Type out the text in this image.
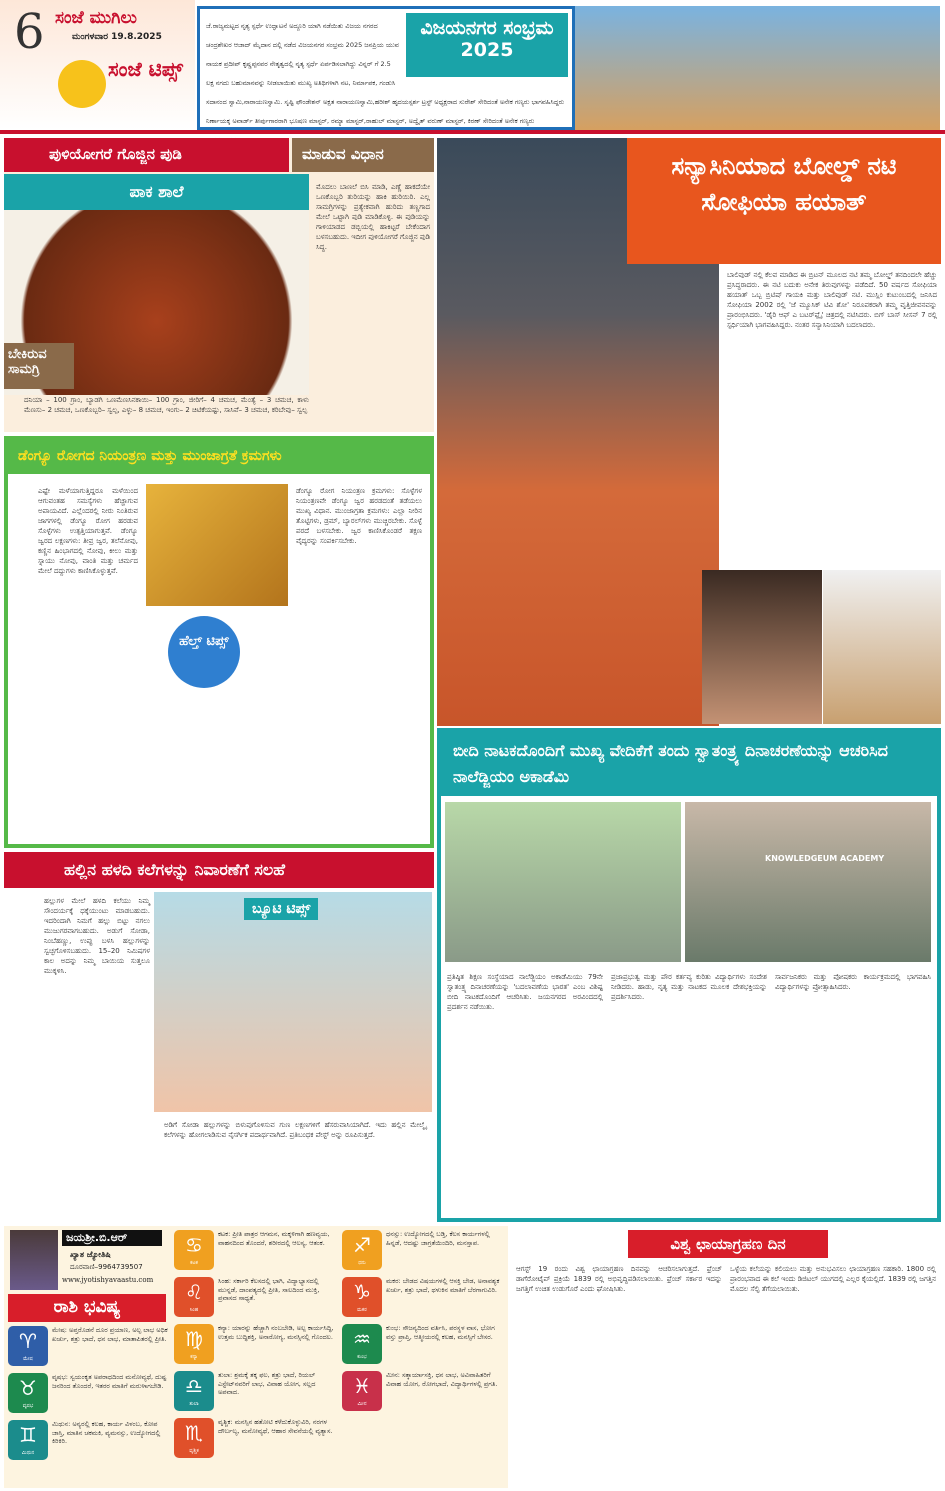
6 ಸಂಜೆ ಮುಗಿಲು
ಮಂಗಳವಾರ 19.8.2025
ಸಂಜೆ ಟಿಪ್ಸ್
ವಿಜಯನಗರ ಸಂಭ್ರಮ 2025
ಜೆ.ರಾಜ್ಯಮಟ್ಟದ ನೃತ್ಯ ಸ್ಪರ್ಧೆ ಉದ್ಘಾಟನೆ ಅದ್ದೂರಿ ಯಾಗಿ ನಡೆಯಿತು ವಿಜಯ ನಗರದ ಚಂದ್ರಶೇಖರ ಆಜಾದ್ ಮೈದಾನ ದಲ್ಲಿ ನಡೆದ ವಿಜಯನಗರ ಸಂಭ್ರಮ 2025 ಜನಪ್ರಿಯ ಯುವ ನಾಯಕ ಪ್ರದೀಪ್ ಕೃಷ್ಣಪ್ಪನವರ ನೇತೃತ್ವದಲ್ಲಿ ನೃತ್ಯ ಸ್ಪರ್ಧೆ ಏರ್ಪಡಿಸಲಾಗಿದ್ದು ವಿನ್ನರ್ ಗೆ 2.5 ಲಕ್ಷ ನಗದು ಬಹುಮಾನವನ್ನು ನೀಡಲಾಯಿತು ಮುಖ್ಯ ಅತಿಥಿಗಳಾಗಿ ನಟ, ನಿರ್ಮಾಪಕ, ಗಂಡುಸಿ ಸದಾನಂದ ಸ್ವಾಮಿ,ನಾರಾಯಣಸ್ವಾಮಿ. ಸೃಷ್ಟಿ ಫೌಂಡೇಶನ್ ಅಕ್ಷತ ನಾರಾಯಣಸ್ವಾಮಿ,ಹರೀಶ್ ಹೃದಯಸ್ಪರ್ಶ ಟ್ರಸ್ಟ್ ಅಧ್ಯಕ್ಷರಾದ ಸುರೇಶ್ ಸೇರಿದಂತೆ ಅನೇಕ ಗಣ್ಯರು ಭಾಗವಹಿಸಿದ್ದರು ನಿರ್ಣಾಯಕ್ಕ ಅವಾರ್ಡ್ ತೀರ್ಪುಗಾರರಾಗಿ ಭೂಷಣ ಮಾಸ್ಟರ್, ರಮ್ಯಾ ಮಾಸ್ಟರ್,ರಾಹುಲ್ ಮಾಸ್ಟರ್, ಅದ್ವೈತ್ ವರುಣ್ ಮಾಸ್ಟರ್, ಕಿರಣ್ ಸೇರಿದಂತೆ ಅನೇಕ ಗಣ್ಯರು
ಪುಳಿಯೋಗರೆ ಗೊಜ್ಜಿನ ಪುಡಿ	ಮಾಡುವ ವಿಧಾನ
ಪಾಕ ಶಾಲೆ
ಬೇಕಿರುವ ಸಾಮಗ್ರಿ
ದನಿಯಾ – 100 ಗ್ರಾಂ, ಬ್ಯಾಡಗಿ ಒಣಮೆಣಸಿನಕಾಯಿ– 100 ಗ್ರಾಂ, ಜೀರಿಗೆ– 4 ಚಮಚ, ಮೆಂತ್ಯೆ – 3 ಚಮಚ, ಕಾಳು ಮೆಣಸು– 2 ಚಮಚ, ಒಣಕೊಬ್ಬರಿ– ಸ್ವಲ್ಪ, ಎಳ್ಳು– 8 ಚಮಚ, ಇಂಗು– 2 ಚಿಟಿಕೆಯಷ್ಟು, ಸಾಸಿವೆ– 3 ಚಮಚ, ಕರಿಬೇವು– ಸ್ವಲ್ಪ
ಮೊದಲು ಬಾಣಲೆ ಬಿಸಿ ಮಾಡಿ, ಎಣ್ಣೆ ಹಾಕದೆಯೇ ಒಣಕೊಬ್ಬರಿ ತುರಿಯನ್ನು ಹಾಕಿ ಹುರಿಯಿರಿ. ಎಲ್ಲ ಸಾಮಗ್ರಿಗಳನ್ನು ಪ್ರತ್ಯೇಕವಾಗಿ ಹುರಿದು ತಣ್ಣಗಾದ ಮೇಲೆ ಒಟ್ಟಾಗಿ ಪುಡಿ ಮಾಡಿಕೊಳ್ಳಿ. ಈ ಪುಡಿಯನ್ನು ಗಾಳಿಯಾಡದ ಡಬ್ಬಿಯಲ್ಲಿ ಹಾಕಿಟ್ಟರೆ ಬೇಕೆಂದಾಗ ಬಳಸಬಹುದು. ಇದೀಗ ಪುಳಿಯೋಗರೆ ಗೊಜ್ಜಿನ ಪುಡಿ ಸಿದ್ಧ.
ಡೆಂಗ್ಯೂ ರೋಗದ ನಿಯಂತ್ರಣ ಮತ್ತು ಮುಂಜಾಗ್ರತೆ ಕ್ರಮಗಳು
ಹೆಲ್ತ್ ಟಿಪ್ಸ್
ಎಷ್ಟೇ ಮಳೆಯಾಗುತ್ತಿದ್ದರೂ ಮಳೆಯಿಂದ ಆಗುವಂತಹ ಸಮಸ್ಯೆಗಳು ಹೆಚ್ಚಾಗುವ ಅಪಾಯವಿದೆ. ಎಲ್ಲೆಂದರಲ್ಲಿ ನೀರು ನಿಂತಿರುವ ಜಾಗಗಳಲ್ಲಿ ಡೆಂಗ್ಯೂ ರೋಗ ಹರಡುವ ಸೊಳ್ಳೆಗಳು ಉತ್ಪತ್ತಿಯಾಗುತ್ತವೆ. ಡೆಂಗ್ಯೂ ಜ್ವರದ ಲಕ್ಷಣಗಳು: ತೀವ್ರ ಜ್ವರ, ತಲೆನೋವು, ಕಣ್ಣಿನ ಹಿಂಭಾಗದಲ್ಲಿ ನೋವು, ಕೀಲು ಮತ್ತು ಸ್ನಾಯು ನೋವು, ವಾಂತಿ ಮತ್ತು ಚರ್ಮದ ಮೇಲೆ ದದ್ದುಗಳು ಕಾಣಿಸಿಕೊಳ್ಳುತ್ತವೆ.
ಡೆಂಗ್ಯೂ ರೋಗ ನಿಯಂತ್ರಣ ಕ್ರಮಗಳು: ಸೊಳ್ಳೆಗಳ ನಿಯಂತ್ರಣವೇ ಡೆಂಗ್ಯೂ ಜ್ವರ ಹರಡದಂತೆ ತಡೆಯಲು ಮುಖ್ಯ ವಿಧಾನ. ಮುಂಜಾಗ್ರತಾ ಕ್ರಮಗಳು: ಎಲ್ಲಾ ನೀರಿನ ತೊಟ್ಟಿಗಳು, ಡ್ರಮ್, ಬ್ಯಾರಲ್‌ಗಳು ಮುಚ್ಚಿರಬೇಕು. ಸೊಳ್ಳೆ ಪರದೆ ಬಳಸಬೇಕು. ಜ್ವರ ಕಾಣಿಸಿಕೊಂಡರೆ ತಕ್ಷಣ ವೈದ್ಯರನ್ನು ಸಂಪರ್ಕಿಸಬೇಕು.
ಹಲ್ಲಿನ ಹಳದಿ ಕಲೆಗಳನ್ನು ನಿವಾರಣೆಗೆ ಸಲಹೆ
ಬ್ಯೂಟಿ ಟಿಪ್ಸ್
ಹಲ್ಲುಗಳ ಮೇಲೆ ಹಳದಿ ಕಲೆಯು ನಿಮ್ಮ ಸೌಂದರ್ಯಕ್ಕೆ ಧಕ್ಕೆಯುಂಟು ಮಾಡಬಹುದು. ಇದರಿಂದಾಗಿ ನಿಮಗೆ ಹಲ್ಲು ಬಿಟ್ಟು ನಗಲು ಮುಜುಗರವಾಗಬಹುದು. ಅಡುಗೆ ಸೋಡಾ, ನಿಂಬೆಹಣ್ಣು, ಉಪ್ಪು ಬಳಸಿ ಹಲ್ಲುಗಳನ್ನು ಸ್ವಚ್ಛಗೊಳಿಸಬಹುದು. 15–20 ನಿಮಿಷಗಳ ಕಾಲ ಅದನ್ನು ನಿಮ್ಮ ಬಾಯಿಯ ಸುತ್ತಲೂ ಮುಕ್ಕಳಿಸಿ.
ಅಡಿಗೆ ಸೋಡಾ ಹಲ್ಲುಗಳನ್ನು ಬಿಳುಪುಗೊಳಿಸುವ ಗುಣ ಲಕ್ಷಣಗಳಿಗೆ ಹೆಸರುವಾಸಿಯಾಗಿದೆ. ಇದು ಹಲ್ಲಿನ ಮೇಲ್ಮೈ ಕಲೆಗಳನ್ನು ಹೋಗಲಾಡಿಸುವ ನೈಸರ್ಗಿಕ ಪದಾರ್ಥವಾಗಿದೆ. ಪ್ರತಿಬಂಧಕ ಪೇಸ್ಟ್ ಅನ್ನು ರೂಪಿಸುತ್ತದೆ.
ಸನ್ಯಾಸಿನಿಯಾದ ಬೋಲ್ಡ್ ನಟಿ ಸೋಫಿಯಾ ಹಯಾತ್
ಬಾಲಿವುಡ್ ನಲ್ಲಿ ಕೆಲವ ಮಾಡಿದ ಈ ಬ್ರಿಟನ್ ಮೂಲದ ನಟಿ ತಮ್ಮ ಬೋಲ್ಡ್ ತನದಿಂದಲೇ ಹೆಚ್ಚು ಪ್ರಸಿದ್ಧರಾದರು. ಈ ನಟಿ ಬದುಕು ಅನೇಕ ತಿರುವುಗಳನ್ನು ಪಡೆದಿದೆ. 50 ವರ್ಷದ ಸೋಫಿಯಾ ಹಯಾತ್ ಒಬ್ಬ ಬ್ರಿಟಿಷ್ ಗಾಯಕಿ ಮತ್ತು ಬಾಲಿವುಡ್ ನಟಿ. ಮುಸ್ಲಿಂ ಕುಟುಂಬದಲ್ಲಿ ಜನಿಸಿದ ಸೋಫಿಯಾ 2002 ರಲ್ಲಿ 'ಜೆ ಮ್ಯೂಸಿಕ್ ಟಿವಿ ಶೋ' ನಿರೂಪಕರಾಗಿ ತಮ್ಮ ವೃತ್ತಿಜೀವನವನ್ನು ಪ್ರಾರಂಭಿಸಿದರು. 'ಡೈರಿ ಆಫ್ ಎ ಬಟರ್‌ಫ್ಲೈ' ಚಿತ್ರದಲ್ಲಿ ನಟಿಸಿದರು. ಬಿಗ್ ಬಾಸ್ ಸೀಸನ್ 7 ರಲ್ಲಿ ಸ್ಪರ್ಧಿಯಾಗಿ ಭಾಗವಹಿಸಿದ್ದರು. ನಂತರ ಸನ್ಯಾಸಿನಿಯಾಗಿ ಬದಲಾದರು.
ಬೀದಿ ನಾಟಕದೊಂದಿಗೆ ಮುಖ್ಯ ವೇದಿಕೆಗೆ ತಂದು ಸ್ವಾತಂತ್ರ್ಯ ದಿನಾಚರಣೆಯನ್ನು ಆಚರಿಸಿದ ನಾಲೆಡ್ಜಿಯಂ ಅಕಾಡೆಮಿ
KNOWLEDGEUM ACADEMY
ಪ್ರತಿಷ್ಠಿತ ಶಿಕ್ಷಣ ಸಂಸ್ಥೆಯಾದ ನಾಲೆಡ್ಜಿಯಂ ಅಕಾಡೆಮಿಯು 79ನೇ ಸ್ವಾತಂತ್ರ್ಯ ದಿನಾಚರಣೆಯನ್ನು 'ಬದಲಾವಣೆಯ ಭಾರತ' ಎಂಬ ವಿಶಿಷ್ಟ ಬೀದಿ ನಾಟಕದೊಂದಿಗೆ ಆಚರಿಸಿತು. ಜಯನಗರದ ಅರವಿಂದದಲ್ಲಿ ಪ್ರದರ್ಶನ ನಡೆಯಿತು.
ಪ್ರಜಾಪ್ರಭುತ್ವ ಮತ್ತು ಪೌರ ಕರ್ತವ್ಯ ಕುರಿತು ವಿದ್ಯಾರ್ಥಿಗಳು ಸಂದೇಶ ನೀಡಿದರು. ಹಾಡು, ನೃತ್ಯ ಮತ್ತು ನಾಟಕದ ಮೂಲಕ ದೇಶಭಕ್ತಿಯನ್ನು ಪ್ರದರ್ಶಿಸಿದರು.
ಸಾರ್ವಜನಿಕರು ಮತ್ತು ಪೋಷಕರು ಕಾರ್ಯಕ್ರಮದಲ್ಲಿ ಭಾಗವಹಿಸಿ ವಿದ್ಯಾರ್ಥಿಗಳನ್ನು ಪ್ರೋತ್ಸಾಹಿಸಿದರು.
ಜಯಶ್ರೀ.ಬಿ.ಆರ್
ಖ್ಯಾತ ಜ್ಯೋತಿಷಿ
ದೂರವಾಣಿ–9964739507
www.jyotishyavaastu.com
ರಾಶಿ ಭವಿಷ್ಯ
♈
ಮೇಷ
ಮೇಷ: ಅಪ್ತರೊಡನೆ ದೂರ ಪ್ರಯಾಣ, ಅಲ್ಪ ಲಾಭ ಅಧಿಕ ಖರ್ಚು, ಶತ್ರು ಭಾದೆ, ಧನ ಲಾಭ, ಮಾತಾಪಿತರಲ್ಲಿ ಪ್ರೀತಿ.
♉
ವೃಷಭ
ವೃಷಭ: ಸ್ವಯಂಕೃತ ಅಪರಾಧದಿಂದ ಮನೋವ್ಯಥೆ, ದುಷ್ಟ ಜನರಿಂದ ತೊಂದರೆ, ಇತರರ ಮಾತಿಗೆ ಮರುಳಾಗಬೇಡಿ.
♊
ಮಿಥುನ
ಮಿಥುನ: ಅನ್ಯರಲ್ಲಿ ಕಲಹ, ಕಾರ್ಯ ವಿಳಂಬ, ಕೋಪ ಜಾಸ್ತಿ, ಮಾತಿನ ಚಕಮಕಿ, ವ್ಯಮನಸ್ಸು, ಉದ್ಯೋಗದಲ್ಲಿ ಕಿರಿಕಿರಿ.
♋
ಕಟಕ
ಕಟಕ: ಪ್ರೀತಿ ಪಾತ್ರರ ಆಗಮನ, ಮಕ್ಕಳಿಗಾಗಿ ಹಣವ್ಯಯ, ವಾಹನದಿಂದ ತೊಂದರೆ, ಶರೀರದಲ್ಲಿ ಆಲಸ್ಯ, ಆತಂಕ.
♌
ಸಿಂಹ
ಸಿಂಹ: ಸರ್ಕಾರಿ ಕೆಲಸದಲ್ಲಿ ಭಾಗಿ, ವಿದ್ಯಾಭ್ಯಾಸದಲ್ಲಿ ಮುನ್ನಡೆ, ದಾಂಪತ್ಯದಲ್ಲಿ ಪ್ರೀತಿ, ಸಾಲದಿಂದ ಮುಕ್ತಿ, ಪ್ರವಾಸದ ಸಾಧ್ಯತೆ.
♍
ಕನ್ಯಾ
ಕನ್ಯಾ: ಯಾರನ್ನು ಹೆಚ್ಚಾಗಿ ನಂಬಬೇಡಿ, ಅಲ್ಪ ಕಾರ್ಯಸಿದ್ಧಿ, ಉತ್ತಮ ಬುದ್ಧಿಶಕ್ತಿ, ಅನಾರೋಗ್ಯ, ಮನಸ್ಸಿನಲ್ಲಿ ಗೊಂದಲ.
♎
ತುಲಾ
ತುಲಾ: ಶ್ರಮಕ್ಕೆ ತಕ್ಕ ಫಲ, ಶತ್ರು ಭಾದೆ, ರಿಯಲ್ ಎಸ್ಟೇಟ್‌ನವರಿಗೆ ಲಾಭ, ವಿವಾಹ ಯೋಗ, ಸಲ್ಲದ ಅಪವಾದ.
♏
ವೃಶ್ಚಿಕ
ವೃಶ್ಚಿಕ: ಮನಸ್ಸಿನ ಹತೋಟಿ ಕಳೆದುಕೊಳ್ಳುವಿರಿ, ನರಗಳ ದೌರ್ಬಲ್ಯ, ಮನೋವ್ಯಥೆ, ಆಹಾರ ಸೇವನೆಯಲ್ಲಿ ವ್ಯತ್ಯಾಸ.
♐
ಧನು
ಧನಸ್ಸು: ಉದ್ಯೋಗದಲ್ಲಿ ಬಡ್ತಿ, ಕೆಲಸ ಕಾರ್ಯಗಳಲ್ಲಿ ಹಿನ್ನಡೆ, ಆದಷ್ಟು ಜಾಗ್ರತೆಯಿಂದಿರಿ, ಮನಸ್ತಾಪ.
♑
ಮಕರ
ಮಕರ: ಬೇಡದ ವಿಷಯಗಳಲ್ಲಿ ಆಸಕ್ತಿ ಬೇಡ, ಅನಾವಶ್ಯಕ ಖರ್ಚು, ಶತ್ರು ಭಾದೆ, ಥಳುಕಿನ ಮಾತಿಗೆ ಬೆರಗಾಗುವಿರಿ.
♒
ಕುಂಭ
ಕುಂಭ: ಸೌಜನ್ಯದಿಂದ ವರ್ತಿಸಿ, ಪರಸ್ಥಳ ವಾಸ, ಭೋಗ ವಸ್ತು ಪ್ರಾಪ್ತಿ, ಆತ್ಮೀಯರಲ್ಲಿ ಕಲಹ, ಮನಸ್ಸಿಗೆ ಬೇಸರ.
♓
ಮೀನ
ಮೀನ: ಸತ್ಕಾರ್ಯಾಸಕ್ತಿ, ಧನ ಲಾಭ, ಅವಿವಾಹಿತರಿಗೆ ವಿವಾಹ ಯೋಗ, ರೋಗಭಾದೆ, ವಿದ್ಯಾರ್ಥಿಗಳಲ್ಲಿ ಪ್ರಗತಿ.
ವಿಶ್ವ ಛಾಯಾಗ್ರಹಣ ದಿನ
ಆಗಸ್ಟ್ 19 ರಂದು ವಿಶ್ವ ಛಾಯಾಗ್ರಹಣ ದಿನವನ್ನು ಆಚರಿಸಲಾಗುತ್ತದೆ. ಫ್ರೆಂಚ್ ಡಾಗೆರೋಟೈಪ್ ಪ್ರಕ್ರಿಯೆ 1839 ರಲ್ಲಿ ಅಭಿವೃದ್ಧಿಪಡಿಸಲಾಯಿತು. ಫ್ರೆಂಚ್ ಸರ್ಕಾರ ಇದನ್ನು ಜಗತ್ತಿಗೆ ಉಚಿತ ಉಡುಗೊರೆ ಎಂದು ಘೋಷಿಸಿತು.
ಒಳ್ಳೆಯ ಕಲೆಯನ್ನು ಕಲಿಯಲು ಮತ್ತು ಅನುಭವಿಸಲು ಛಾಯಾಗ್ರಹಣ ಸಹಕಾರಿ. 1800 ರಲ್ಲಿ ಪ್ರಾರಂಭವಾದ ಈ ಕಲೆ ಇಂದು ಡಿಜಿಟಲ್ ಯುಗದಲ್ಲಿ ಎಲ್ಲರ ಕೈಯಲ್ಲಿದೆ. 1839 ರಲ್ಲಿ ಜಗತ್ತಿನ ಮೊದಲ ಸೆಲ್ಫಿ ತೆಗೆಯಲಾಯಿತು.
